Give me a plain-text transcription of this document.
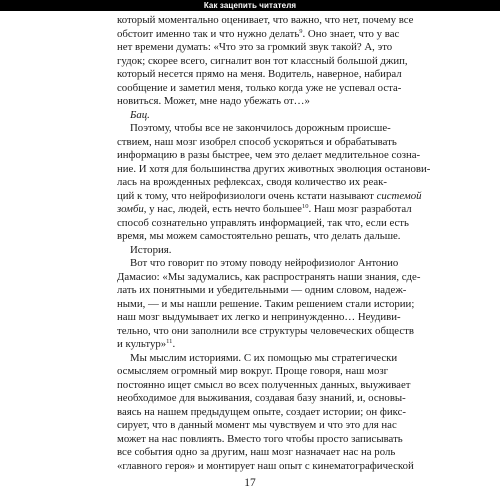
Как зацепить читателя
который моментально оценивает, что важно, что нет, почему все
обстоит именно так и что нужно делать$^9$. Оно знает, что у вас
нет времени думать: «Что это за громкий звук такой? А, это
гудок; скорее всего, сигналит вон тот классный большой джип,
который несется прямо на меня. Водитель, наверное, набирал
сообщение и заметил меня, только когда уже не успевал оста-
новиться. Может, мне надо убежать от…»
Бац.
Поэтому, чтобы все не закончилось дорожным происше-
ствием, наш мозг изобрел способ ускоряться и обрабатывать
информацию в разы быстрее, чем это делает медлительное созна-
ние. И хотя для большинства других животных эволюция останови-
лась на врожденных рефлексах, сводя количество их реак-
ций к тому, что нейрофизиологи очень кстати называют системой
зомби, у нас, людей, есть нечто большее$^{10}$. Наш мозг разработал
способ сознательно управлять информацией, так что, если есть
время, мы можем самостоятельно решать, что делать дальше.
История.
Вот что говорит по этому поводу нейрофизиолог Антонио
Дамасио: «Мы задумались, как распространять наши знания, сде-
лать их понятными и убедительными — одним словом, надеж-
ными, — и мы нашли решение. Таким решением стали истории;
наш мозг выдумывает их легко и непринужденно… Неудиви-
тельно, что они заполнили все структуры человеческих обществ
и культур»$^{11}$.
Мы мыслим историями. С их помощью мы стратегически
осмысляем огромный мир вокруг. Проще говоря, наш мозг
постоянно ищет смысл во всех полученных данных, выуживает
необходимое для выживания, создавая базу знаний, и, основы-
ваясь на нашем предыдущем опыте, создает истории; он фикс-
сирует, что в данный момент мы чувствуем и что это для нас
может на нас повлиять. Вместо того чтобы просто записывать
все события одно за другим, наш мозг назначает нас на роль
«главного героя» и монтирует наш опыт с кинематографической
17
